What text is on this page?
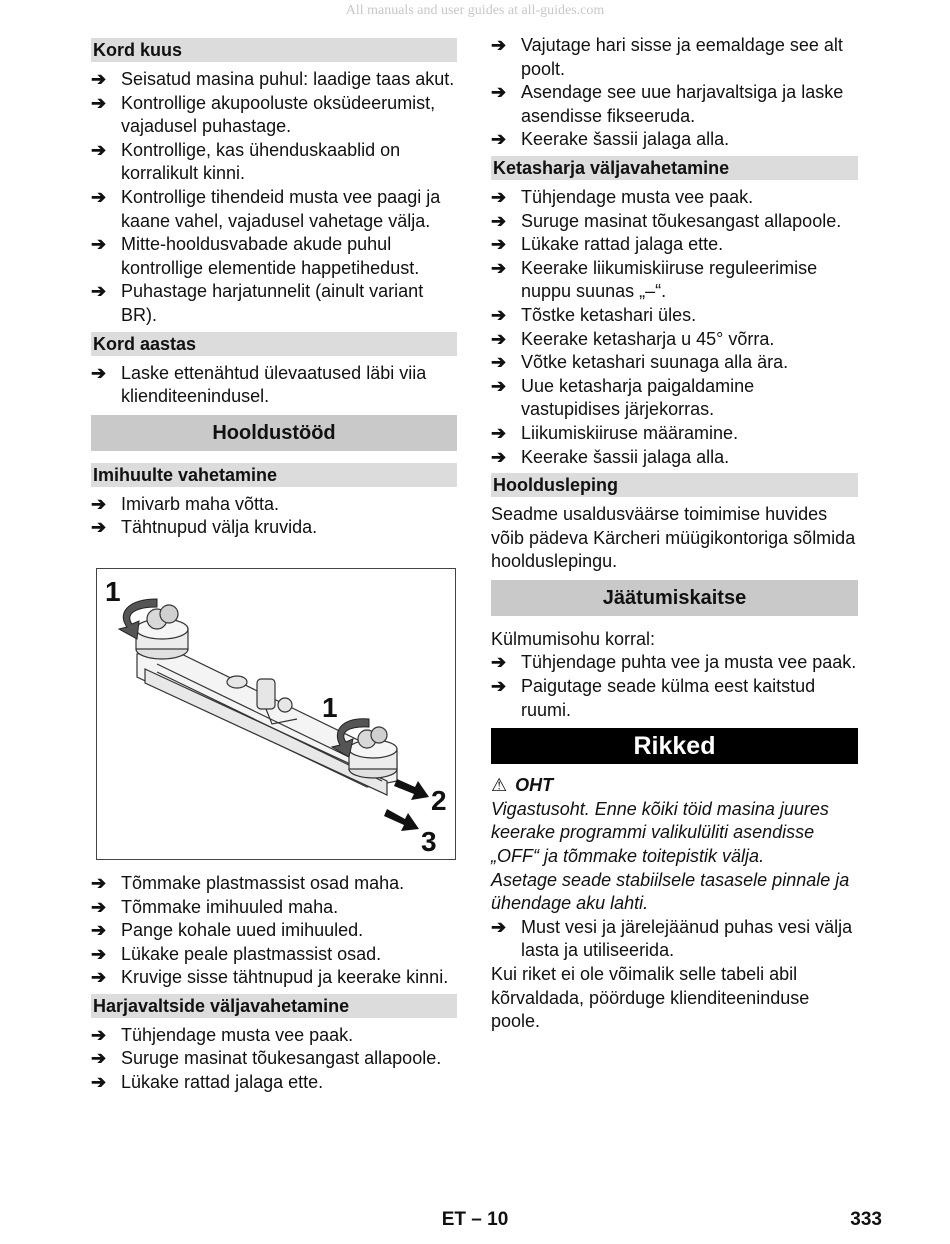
All manuals and user guides at all-guides.com
Kord kuus
➔ Seisatud masina puhul: laadige taas akut.
➔ Kontrollige akupooluste oksüdeerumist, vajadusel puhastage.
➔ Kontrollige, kas ühenduskaablid on korralikult kinni.
➔ Kontrollige tihendeid musta vee paagi ja kaane vahel, vajadusel vahetage välja.
➔ Mitte-hooldusvabade akude puhul kontrollige elementide happetihedust.
➔ Puhastage harjatunnelit (ainult variant BR).
Kord aastas
➔ Laske ettenähtud ülevaatused läbi viia klienditeenindusel.
Hooldustööd
Imihuulte vahetamine
➔ Imivarb maha võtta.
➔ Tähtnupud välja kruvida.
1
1
2
3
➔ Tõmmake plastmassist osad maha.
➔ Tõmmake imihuuled maha.
➔ Pange kohale uued imihuuled.
➔ Lükake peale plastmassist osad.
➔ Kruvige sisse tähtnupud ja keerake kinni.
Harjavaltside väljavahetamine
➔ Tühjendage musta vee paak.
➔ Suruge masinat tõukesangast allapoole.
➔ Lükake rattad jalaga ette.
➔ Vajutage hari sisse ja eemaldage see alt poolt.
➔ Asendage see uue harjavaltsiga ja laske asendisse fikseeruda.
➔ Keerake šassii jalaga alla.
Ketasharja väljavahetamine
➔ Tühjendage musta vee paak.
➔ Suruge masinat tõukesangast allapoole.
➔ Lükake rattad jalaga ette.
➔ Keerake liikumiskiiruse reguleerimise nuppu suunas „–“.
➔ Tõstke ketashari üles.
➔ Keerake ketasharja u 45° võrra.
➔ Võtke ketashari suunaga alla ära.
➔ Uue ketasharja paigaldamine vastupidises järjekorras.
➔ Liikumiskiiruse määramine.
➔ Keerake šassii jalaga alla.
Hooldusleping
Seadme usaldusväärse toimimise huvides võib pädeva Kärcheri müügikontoriga sõlmida hoolduslepingu.
Jäätumiskaitse
Külmumisohu korral:
➔ Tühjendage puhta vee ja musta vee paak.
➔ Paigutage seade külma eest kaitstud ruumi.
Rikked
⚠ OHT
Vigastusoht. Enne kõiki töid masina juures keerake programmi valikulüliti asendisse „OFF“ ja tõmmake toitepistik välja.
Asetage seade stabiilsele tasasele pinnale ja ühendage aku lahti.
➔ Must vesi ja järelejäänud puhas vesi välja lasta ja utiliseerida.
Kui riket ei ole võimalik selle tabeli abil kõrvaldada, pöörduge klienditeeninduse poole.
ET – 10	333
